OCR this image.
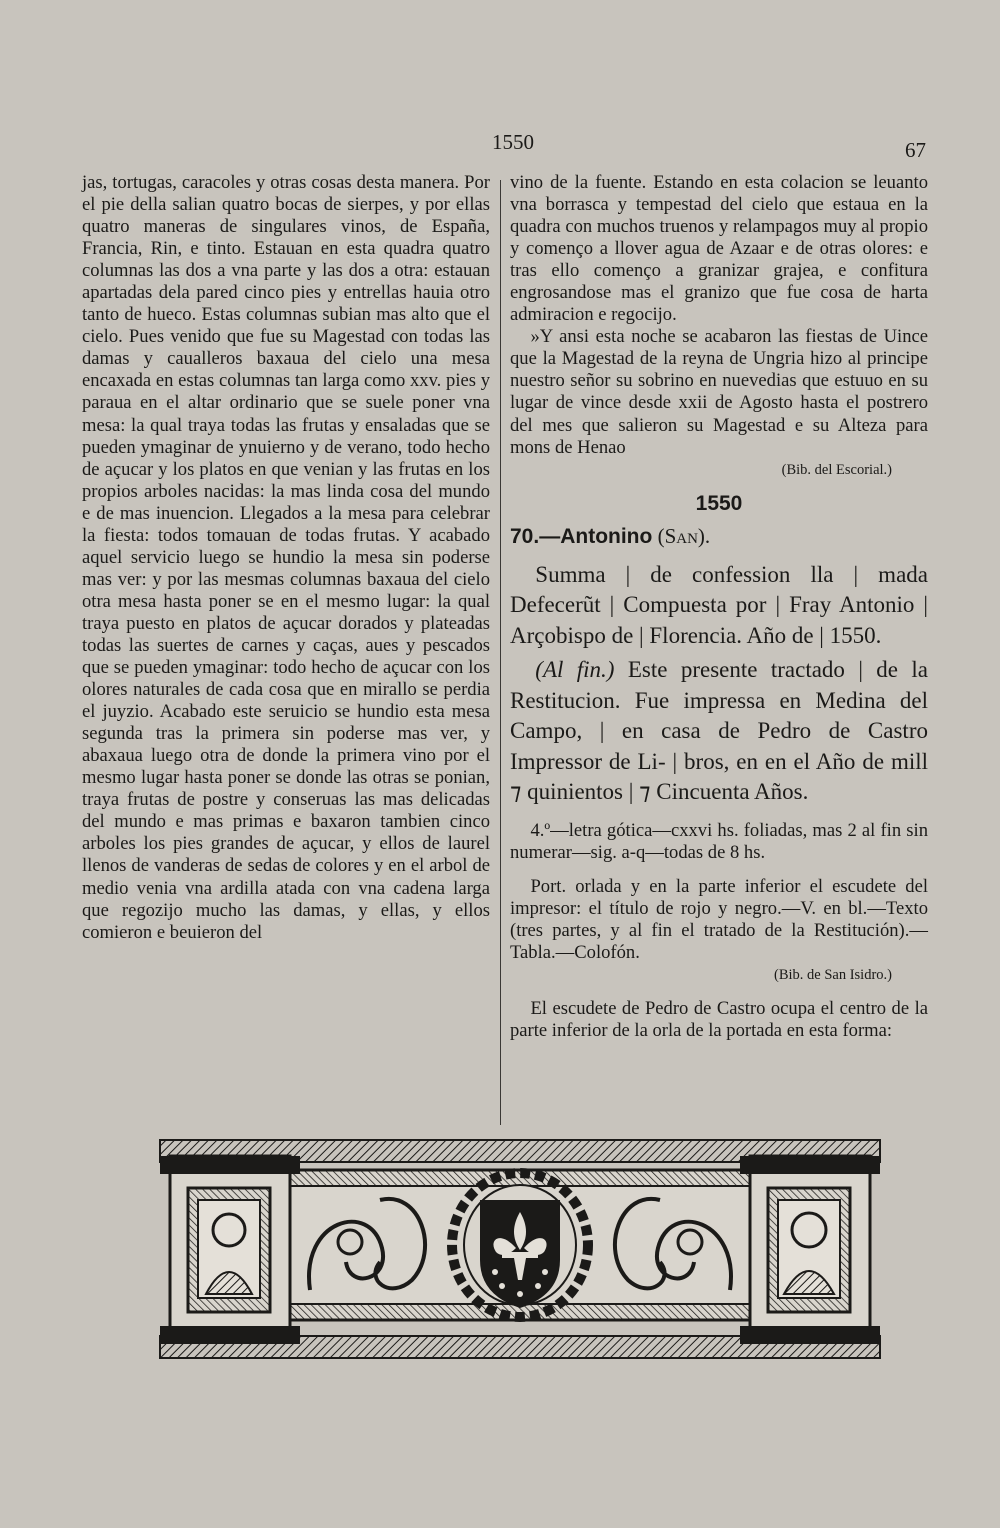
1550	67

jas, tortugas, caracoles y otras cosas desta manera. Por el pie della salian quatro bocas de sierpes, y por ellas quatro maneras de singulares vinos, de España, Francia, Rin, e tinto. Estauan en esta quadra quatro columnas las dos a vna parte y las dos a otra: estauan apartadas dela pared cinco pies y entrellas hauia otro tanto de hueco. Estas columnas subian mas alto que el cielo. Pues venido que fue su Magestad con todas las damas y caualleros baxaua del cielo una mesa encaxada en estas columnas tan larga como xxv. pies y paraua en el altar ordinario que se suele poner vna mesa: la qual traya todas las frutas y ensaladas que se pueden ymaginar de ynuierno y de verano, todo hecho de açucar y los platos en que venian y las frutas en los propios arboles nacidas: la mas linda cosa del mundo e de mas inuencion. Llegados a la mesa para celebrar la fiesta: todos tomauan de todas frutas. Y acabado aquel servicio luego se hundio la mesa sin poderse mas ver: y por las mesmas columnas baxaua del cielo otra mesa hasta poner se en el mesmo lugar: la qual traya puesto en platos de açucar dorados y plateadas todas las suertes de carnes y caças, aues y pescados que se pueden ymaginar: todo hecho de açucar con los olores naturales de cada cosa que en mirallo se perdia el juyzio. Acabado este seruicio se hundio esta mesa segunda tras la primera sin poderse mas ver, y abaxaua luego otra de donde la primera vino por el mesmo lugar hasta poner se donde las otras se ponian, traya frutas de postre y conseruas las mas delicadas del mundo e mas primas e baxaron tambien cinco arboles los pies grandes de açucar, y ellos de laurel llenos de vanderas de sedas de colores y en el arbol de medio venia vna ardilla atada con vna cadena larga que regozijo mucho las damas, y ellas, y ellos comieron e beuieron del

vino de la fuente. Estando en esta colacion se leuanto vna borrasca y tempestad del cielo que estaua en la quadra con muchos truenos y relampagos muy al propio y començo a llover agua de Azaar e de otras olores: e tras ello començo a granizar grajea, e confitura engrosandose mas el granizo que fue cosa de harta admiracion e regocijo.

»Y ansi esta noche se acabaron las fiestas de Uince que la Magestad de la reyna de Ungria hizo al principe nuestro señor su sobrino en nuevedias que estuuo en su lugar de vince desde xxii de Agosto hasta el postrero del mes que salieron su Magestad e su Alteza para mons de Henao

(Bib. del Escorial.)

1550

70.—Antonino (San).

Summa | de confession lla | mada Defecerũt | Compuesta por | Fray Antonio | Arçobispo de | Florencia. Año de | 1550.

(Al fin.) Este presente tractado | de la Restitucion. Fue impressa en Medina del Campo, | en casa de Pedro de Castro Impressor de Li- | bros, en en el Año de mill ⁊ quinientos | ⁊ Cincuenta Años.

4.º—letra gótica—cxxvi hs. foliadas, mas 2 al fin sin numerar—sig. a-q—todas de 8 hs.

Port. orlada y en la parte inferior el escudete del impresor: el título de rojo y negro.—V. en bl.—Texto (tres partes, y al fin el tratado de la Restitución).—Tabla.—Colofón.

(Bib. de San Isidro.)

El escudete de Pedro de Castro ocupa el centro de la parte inferior de la orla de la portada en esta forma:
